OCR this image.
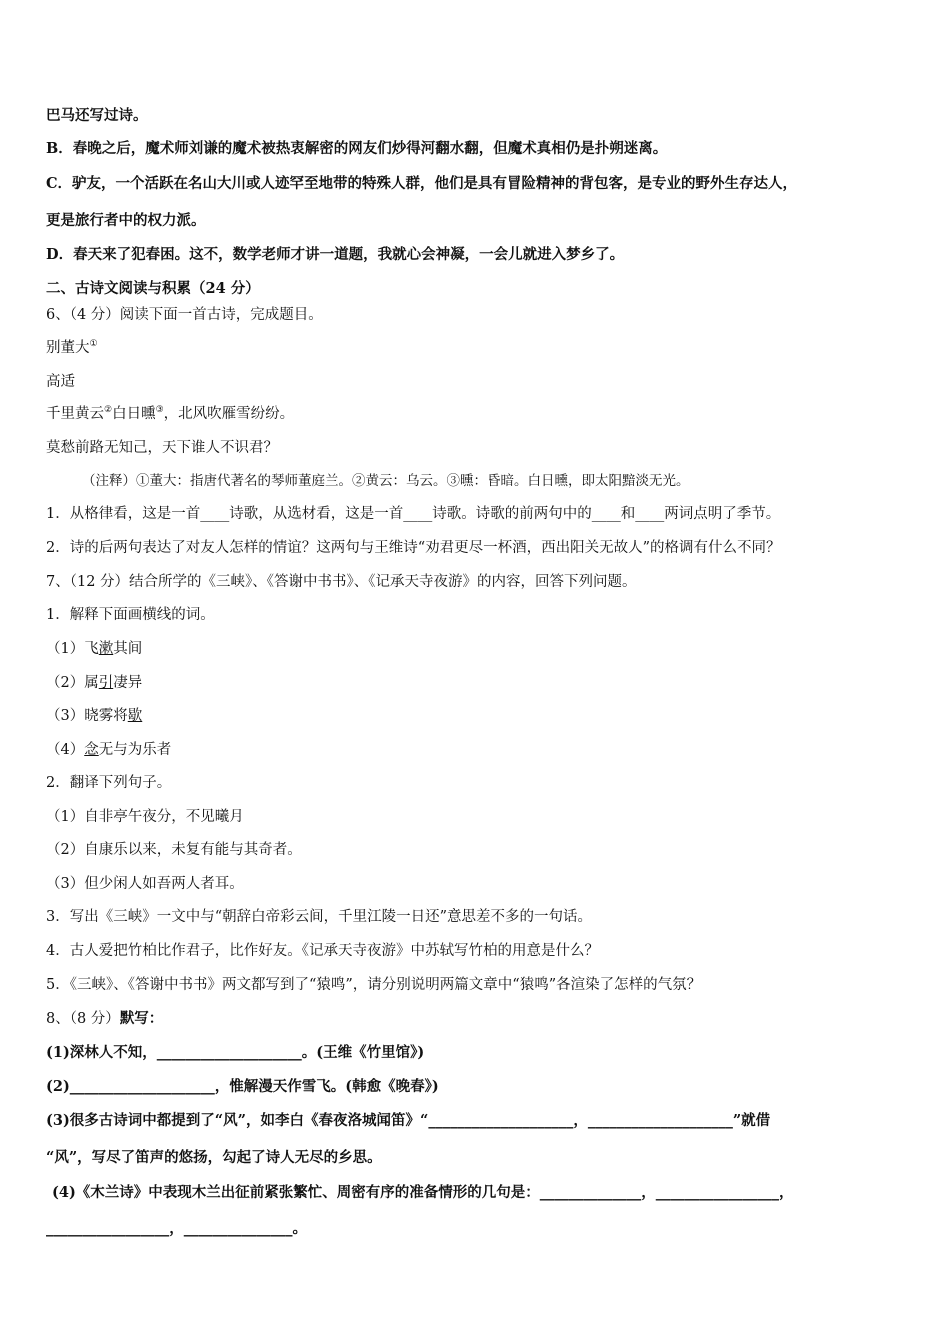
巴马还写过诗。

B．春晚之后，魔术师刘谦的魔术被热衷解密的网友们炒得河翻水翻，但魔术真相仍是扑朔迷离。

C．驴友，一个活跃在名山大川或人迹罕至地带的特殊人群，他们是具有冒险精神的背包客，是专业的野外生存达人，

更是旅行者中的权力派。

D．春天来了犯春困。这不，数学老师才讲一道题，我就心会神凝，一会儿就进入梦乡了。

二、古诗文阅读与积累（24 分）

6、（4 分）阅读下面一首古诗，完成题目。

别董大①

高适

千里黄云②白日曛③，北风吹雁雪纷纷。

莫愁前路无知己，天下谁人不识君？

（注释）①董大：指唐代著名的琴师董庭兰。②黄云：乌云。③曛：昏暗。白日曛，即太阳黯淡无光。

1．从格律看，这是一首____诗歌，从选材看，这是一首____诗歌。诗歌的前两句中的____和____两词点明了季节。

2．诗的后两句表达了对友人怎样的情谊？这两句与王维诗“劝君更尽一杯酒，西出阳关无故人”的格调有什么不同？

7、（12 分）结合所学的《三峡》、《答谢中书书》、《记承天寺夜游》的内容，回答下列问题。

1．解释下面画横线的词。

（1）飞漱其间

（2）属引凄异

（3）晓雾将歇

（4）念无与为乐者

2．翻译下列句子。

（1）自非亭午夜分，不见曦月

（2）自康乐以来，未复有能与其奇者。

（3）但少闲人如吾两人者耳。

3．写出《三峡》一文中与“朝辞白帝彩云间，千里江陵一日还”意思差不多的一句话。

4．古人爱把竹柏比作君子，比作好友。《记承天寺夜游》中苏轼写竹柏的用意是什么？

5．《三峡》、《答谢中书书》两文都写到了“猿鸣”，请分别说明两篇文章中“猿鸣”各渲染了怎样的气氛？

8、（8 分）默写：

(1)深林人不知，____________________。(王维《竹里馆》)

(2)____________________，惟解漫天作雪飞。(韩愈《晚春》)

(3)很多古诗词中都提到了“风”，如李白《春夜洛城闻笛》“____________________，____________________”就借

“风”，写尽了笛声的悠扬，勾起了诗人无尽的乡思。

(4)《木兰诗》中表现木兰出征前紧张繁忙、周密有序的准备情形的几句是：______________，_________________，

_________________，_______________。
